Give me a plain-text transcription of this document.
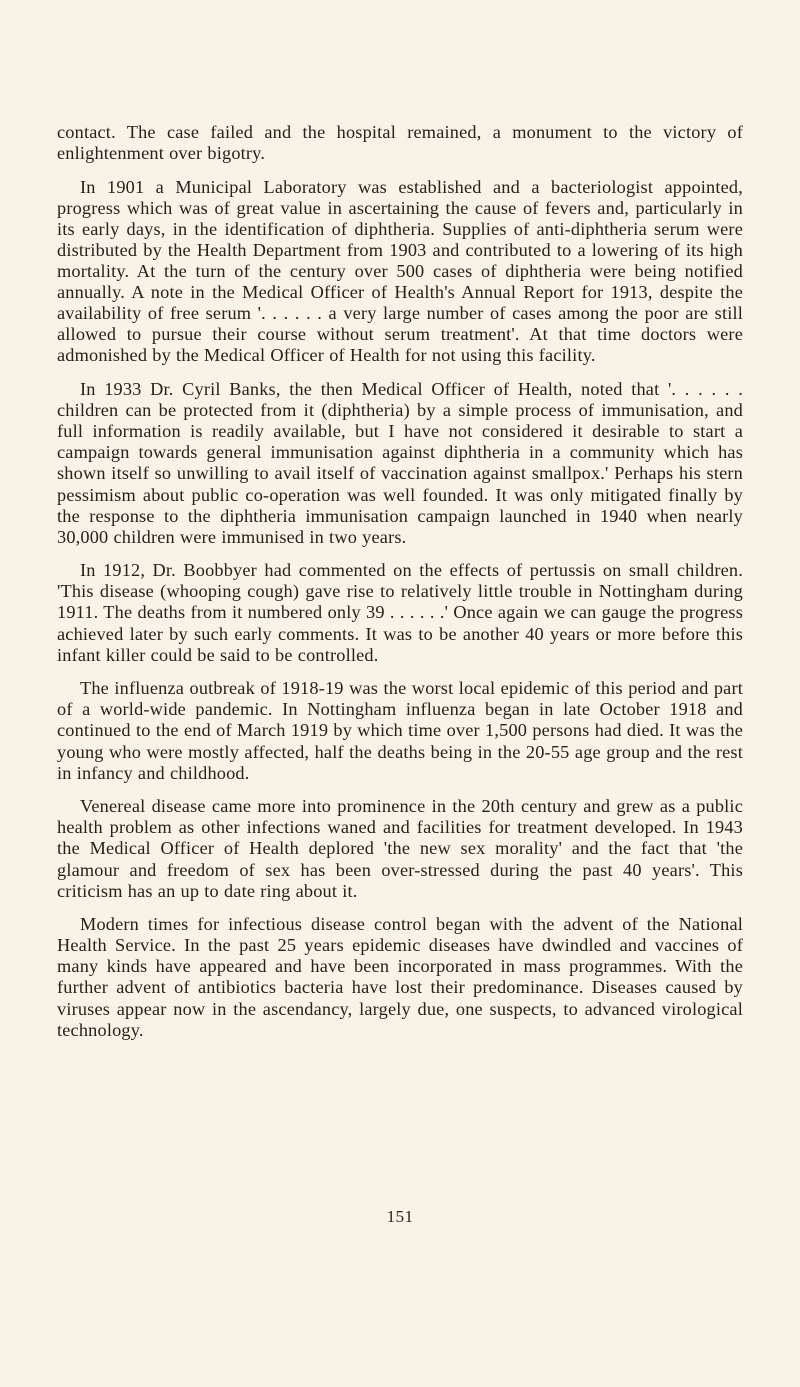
contact. The case failed and the hospital remained, a monument to the victory of enlightenment over bigotry.

In 1901 a Municipal Laboratory was established and a bacteriologist appointed, progress which was of great value in ascertaining the cause of fevers and, particularly in its early days, in the identification of diphtheria. Supplies of anti-diphtheria serum were distributed by the Health Department from 1903 and contributed to a lowering of its high mortality. At the turn of the century over 500 cases of diphtheria were being notified annually. A note in the Medical Officer of Health's Annual Report for 1913, despite the availability of free serum '. . . . . . a very large number of cases among the poor are still allowed to pursue their course without serum treatment'. At that time doctors were admonished by the Medical Officer of Health for not using this facility.

In 1933 Dr. Cyril Banks, the then Medical Officer of Health, noted that '. . . . . . children can be protected from it (diphtheria) by a simple process of immunisation, and full information is readily available, but I have not considered it desirable to start a campaign towards general immunisation against diphtheria in a community which has shown itself so unwilling to avail itself of vaccination against smallpox.' Perhaps his stern pessimism about public co-operation was well founded. It was only mitigated finally by the response to the diphtheria immunisation campaign launched in 1940 when nearly 30,000 children were immunised in two years.

In 1912, Dr. Boobbyer had commented on the effects of pertussis on small children. 'This disease (whooping cough) gave rise to relatively little trouble in Nottingham during 1911. The deaths from it numbered only 39 . . . . . .' Once again we can gauge the progress achieved later by such early comments. It was to be another 40 years or more before this infant killer could be said to be controlled.

The influenza outbreak of 1918-19 was the worst local epidemic of this period and part of a world-wide pandemic. In Nottingham influenza began in late October 1918 and continued to the end of March 1919 by which time over 1,500 persons had died. It was the young who were mostly affected, half the deaths being in the 20-55 age group and the rest in infancy and childhood.

Venereal disease came more into prominence in the 20th century and grew as a public health problem as other infections waned and facilities for treatment developed. In 1943 the Medical Officer of Health deplored 'the new sex morality' and the fact that 'the glamour and freedom of sex has been over-stressed during the past 40 years'. This criticism has an up to date ring about it.

Modern times for infectious disease control began with the advent of the National Health Service. In the past 25 years epidemic diseases have dwindled and vaccines of many kinds have appeared and have been incorporated in mass programmes. With the further advent of antibiotics bacteria have lost their predominance. Diseases caused by viruses appear now in the ascendancy, largely due, one suspects, to advanced virological technology.

151
